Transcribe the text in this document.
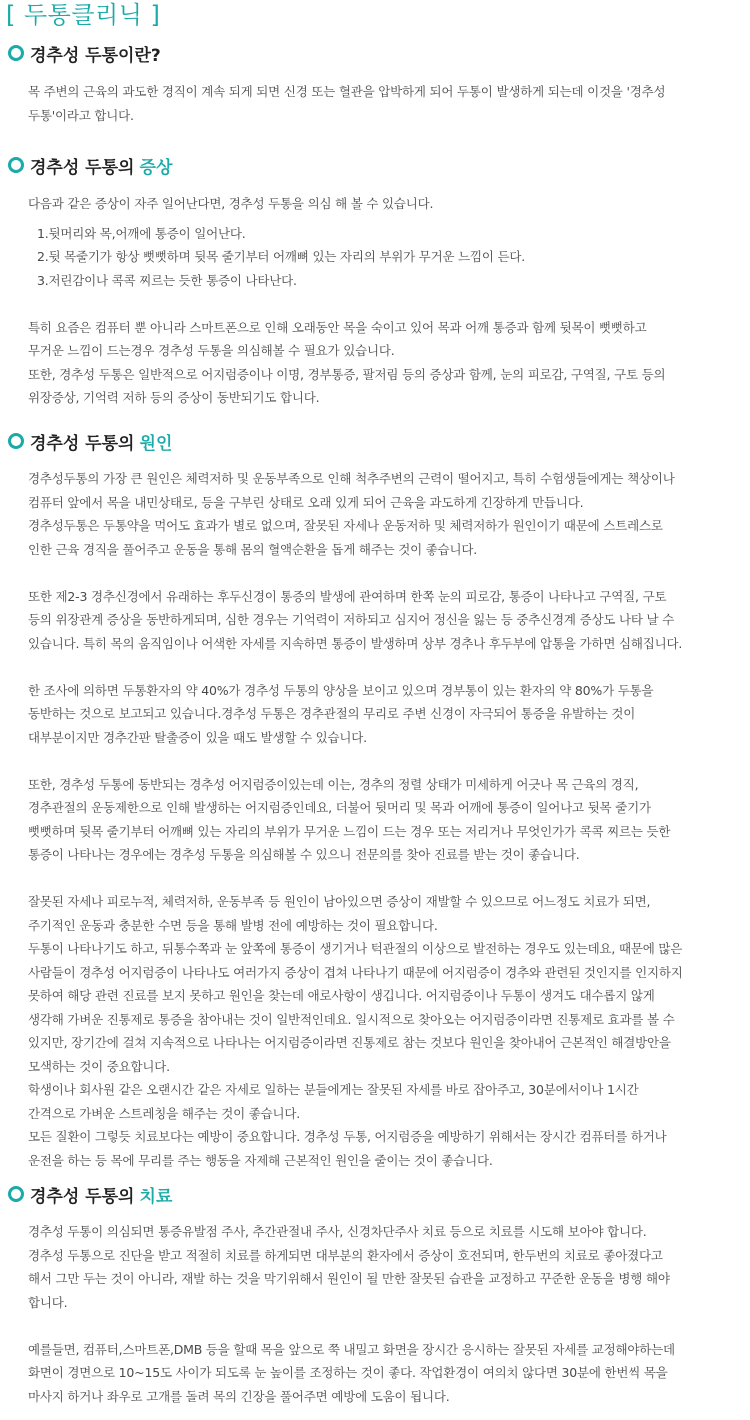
[ 두통클리닉 ]
경추성 두통이란?
목 주변의 근육의 과도한 경직이 계속 되게 되면 신경 또는 혈관을 압박하게 되어 두통이 발생하게 되는데 이것을 '경추성
두통'이라고 합니다.
경추성 두통의 증상
다음과 같은 증상이 자주 일어난다면, 경추성 두통을 의심 해 볼 수 있습니다.
1.뒷머리와 목,어깨에 통증이 일어난다.
2.뒷 목줄기가 항상 뻣뻣하며 뒷목 줄기부터 어깨뼈 있는 자리의 부위가 무거운 느낌이 든다.
3.저린감이나 콕콕 찌르는 듯한 통증이 나타난다.
특히 요즘은 컴퓨터 뿐 아니라 스마트폰으로 인해 오래동안 목을 숙이고 있어 목과 어깨 통증과 함께 뒷목이 뻣뻣하고
무거운 느낌이 드는경우 경추성 두통을 의심해볼 수 필요가 있습니다.
또한, 경추성 두통은 일반적으로 어지럼증이나 이명, 경부통증, 팔저림 등의 증상과 함께, 눈의 피로감, 구역질, 구토 등의
위장증상, 기억력 저하 등의 증상이 동반되기도 합니다.
경추성 두통의 원인
경추성두통의 가장 큰 원인은 체력저하 및 운동부족으로 인해 척추주변의 근력이 떨어지고, 특히 수험생들에게는 책상이나
컴퓨터 앞에서 목을 내민상태로, 등을 구부린 상태로 오래 있게 되어 근육을 과도하게 긴장하게 만듭니다.
경추성두통은 두통약을 먹어도 효과가 별로 없으며, 잘못된 자세나 운동저하 및 체력저하가 원인이기 때문에 스트레스로
인한 근육 경직을 풀어주고 운동을 통해 몸의 혈액순환을 돕게 해주는 것이 좋습니다.
또한 제2-3 경추신경에서 유래하는 후두신경이 통증의 발생에 관여하며 한쪽 눈의 피로감, 통증이 나타나고 구역질, 구토
등의 위장관계 증상을 동반하게되며, 심한 경우는 기억력이 저하되고 심지어 정신을 잃는 등 중추신경계 증상도 나타 날 수
있습니다. 특히 목의 움직임이나 어색한 자세를 지속하면 통증이 발생하며 상부 경추나 후두부에 압통을 가하면 심해집니다.
한 조사에 의하면 두통환자의 약 40%가 경추성 두통의 양상을 보이고 있으며 경부통이 있는 환자의 약 80%가 두통을
동반하는 것으로 보고되고 있습니다.경추성 두통은 경추관절의 무리로 주변 신경이 자극되어 통증을 유발하는 것이
대부분이지만 경추간판 탈출증이 있을 때도 발생할 수 있습니다.
또한, 경추성 두통에 동반되는 경추성 어지럼증이있는데 이는, 경추의 정렬 상태가 미세하게 어긋나 목 근육의 경직,
경추관절의 운동제한으로 인해 발생하는 어지럼증인데요, 더불어 뒷머리 및 목과 어깨에 통증이 일어나고 뒷목 줄기가
뻣뻣하며 뒷목 줄기부터 어깨뼈 있는 자리의 부위가 무거운 느낌이 드는 경우 또는 저리거나 무엇인가가 콕콕 찌르는 듯한
통증이 나타나는 경우에는 경추성 두통을 의심해볼 수 있으니 전문의를 찾아 진료를 받는 것이 좋습니다.
잘못된 자세나 피로누적, 체력저하, 운동부족 등 원인이 남아있으면 증상이 재발할 수 있으므로 어느정도 치료가 되면,
주기적인 운동과 충분한 수면 등을 통해 발병 전에 예방하는 것이 필요합니다.
두통이 나타나기도 하고, 뒤통수쪽과 눈 앞쪽에 통증이 생기거나 턱관절의 이상으로 발전하는 경우도 있는데요, 때문에 많은
사람들이 경추성 어지럼증이 나타나도 여러가지 증상이 겹쳐 나타나기 때문에 어지럼증이 경추와 관련된 것인지를 인지하지
못하여 해당 관련 진료를 보지 못하고 원인을 찾는데 애로사항이 생깁니다. 어지럼증이나 두통이 생겨도 대수롭지 않게
생각해 가벼운 진통제로 통증을 참아내는 것이 일반적인데요. 일시적으로 찾아오는 어지럼증이라면 진통제로 효과를 볼 수
있지만, 장기간에 걸쳐 지속적으로 나타나는 어지럼증이라면 진통제로 참는 것보다 원인을 찾아내어 근본적인 해결방안을
모색하는 것이 중요합니다.
학생이나 회사원 같은 오랜시간 같은 자세로 일하는 분들에게는 잘못된 자세를 바로 잡아주고, 30분에서이나 1시간
간격으로 가벼운 스트레칭을 해주는 것이 좋습니다.
모든 질환이 그렇듯 치료보다는 예방이 중요합니다. 경추성 두통, 어지럼증을 예방하기 위해서는 장시간 컴퓨터를 하거나
운전을 하는 등 목에 무리를 주는 행동을 자제해 근본적인 원인을 줄이는 것이 좋습니다.
경추성 두통의 치료
경추성 두통이 의심되면 통증유발점 주사, 추간관절내 주사, 신경차단주사 치료 등으로 치료를 시도해 보아야 합니다.
경추성 두통으로 진단을 받고 적절히 치료를 하게되면 대부분의 환자에서 증상이 호전되며, 한두번의 치료로 좋아졌다고
해서 그만 두는 것이 아니라, 재발 하는 것을 막기위해서 원인이 될 만한 잘못된 습관을 교정하고 꾸준한 운동을 병행 해야
합니다.
예를들면, 컴퓨터,스마트폰,DMB 등을 할때 목을 앞으로 쭉 내밀고 화면을 장시간 응시하는 잘못된 자세를 교정해야하는데
화면이 경면으로 10~15도 사이가 되도록 눈 높이를 조정하는 것이 좋다. 작업환경이 여의치 않다면 30분에 한번씩 목을
마사지 하거나 좌우로 고개를 돌려 목의 긴장을 풀어주면 예방에 도움이 됩니다.
